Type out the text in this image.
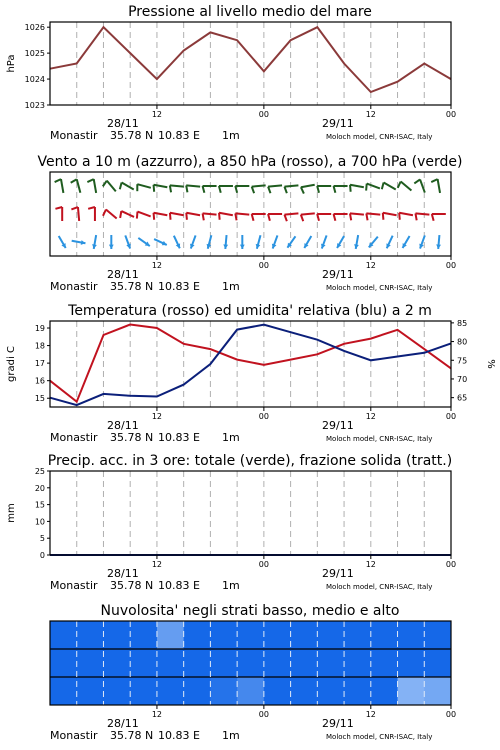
Pressione al livello medio del mare
1023
1024
1025
1026
hPa
12	00	12	00
28/11	29/11
Monastir 35.78 N 10.83 E 1m	Moloch model, CNR-ISAC, Italy
Vento a 10 m (azzurro), a 850 hPa (rosso), a 700 hPa (verde)
12	00	12	00
28/11	29/11
Monastir 35.78 N 10.83 E 1m	Moloch model, CNR-ISAC, Italy
Temperatura (rosso) ed umidita' relativa (blu) a 2 m
15
16
17
18
19
65
70
75
80
85
gradi C	%
12	00	12	00
28/11	29/11
Monastir 35.78 N 10.83 E 1m	Moloch model, CNR-ISAC, Italy
Precip. acc. in 3 ore: totale (verde), frazione solida (tratt.)
0
5
10
15
20
25
mm
12	00	12	00
28/11	29/11
Monastir 35.78 N 10.83 E 1m	Moloch model, CNR-ISAC, Italy
Nuvolosita' negli strati basso, medio e alto
12	00	12	00
28/11	29/11
Monastir 35.78 N 10.83 E 1m	Moloch model, CNR-ISAC, Italy
